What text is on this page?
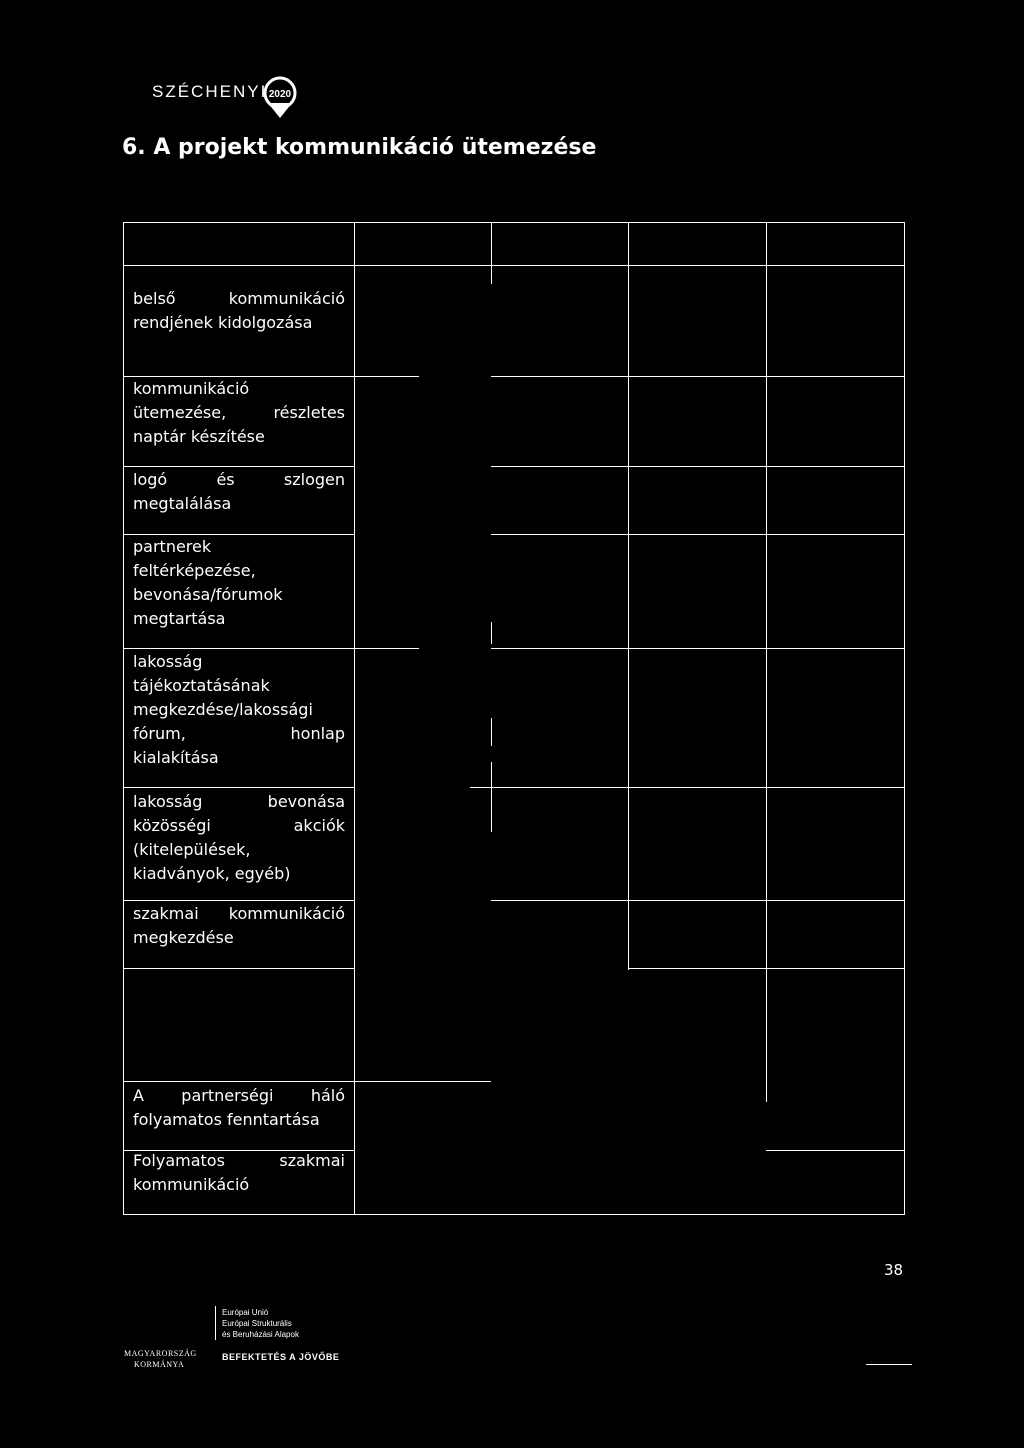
SZÉCHENYI 2020
6. A projekt kommunikáció ütemezése
belső kommunikáció
rendjének kidolgozása
kommunikáció
ütemezése, részletes
naptár készítése
logó és szlogen
megtalálása
partnerek
feltérképezése,
bevonása/fórumok
megtartása
lakosság
tájékoztatásának
megkezdése/lakossági
fórum, honlap
kialakítása
lakosság bevonása
közösségi akciók
(kitelepülések,
kiadványok, egyéb)
szakmai kommunikáció
megkezdése
A partnerségi háló
folyamatos fenntartása
Folyamatos szakmai
kommunikáció
38
MAGYARORSZÁG
KORMÁNYA
Európai Unió
Európai Strukturális
és Beruházási Alapok
BEFEKTETÉS A JÖVŐBE
